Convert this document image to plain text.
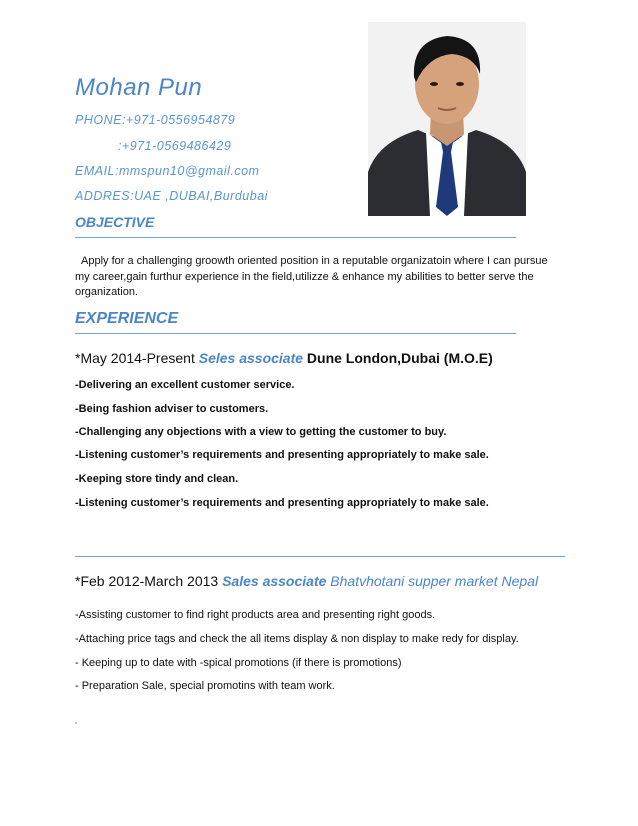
Mohan Pun
PHONE:+971-0556954879
:+971-0569486429
EMAIL:mmspun10@gmail.com
ADDRES:UAE ,DUBAI,Burdubai
OBJECTIVE
Apply for a challenging groowth oriented position in a reputable organizatoin where I can pursue my career,gain furthur experience in the field,utilizze & enhance my abilities to better serve the organization.
EXPERIENCE
*May 2014-Present Seles associate Dune London,Dubai (M.O.E)
-Delivering an excellent customer service.
-Being fashion adviser to customers.
-Challenging any objections with a view to getting the customer to buy.
-Listening customer’s requirements and presenting appropriately to make sale.
-Keeping store tindy and clean.
-Listening customer’s requirements and presenting appropriately to make sale.
*Feb 2012-March 2013 Sales associate Bhatvhotani supper market Nepal
-Assisting customer to find right products area and presenting right goods.
-Attaching price tags and check the all items display & non display to make redy for display.
- Keeping up to date with -spical promotions (if there is promotions)
- Preparation Sale, special promotins with team work.
